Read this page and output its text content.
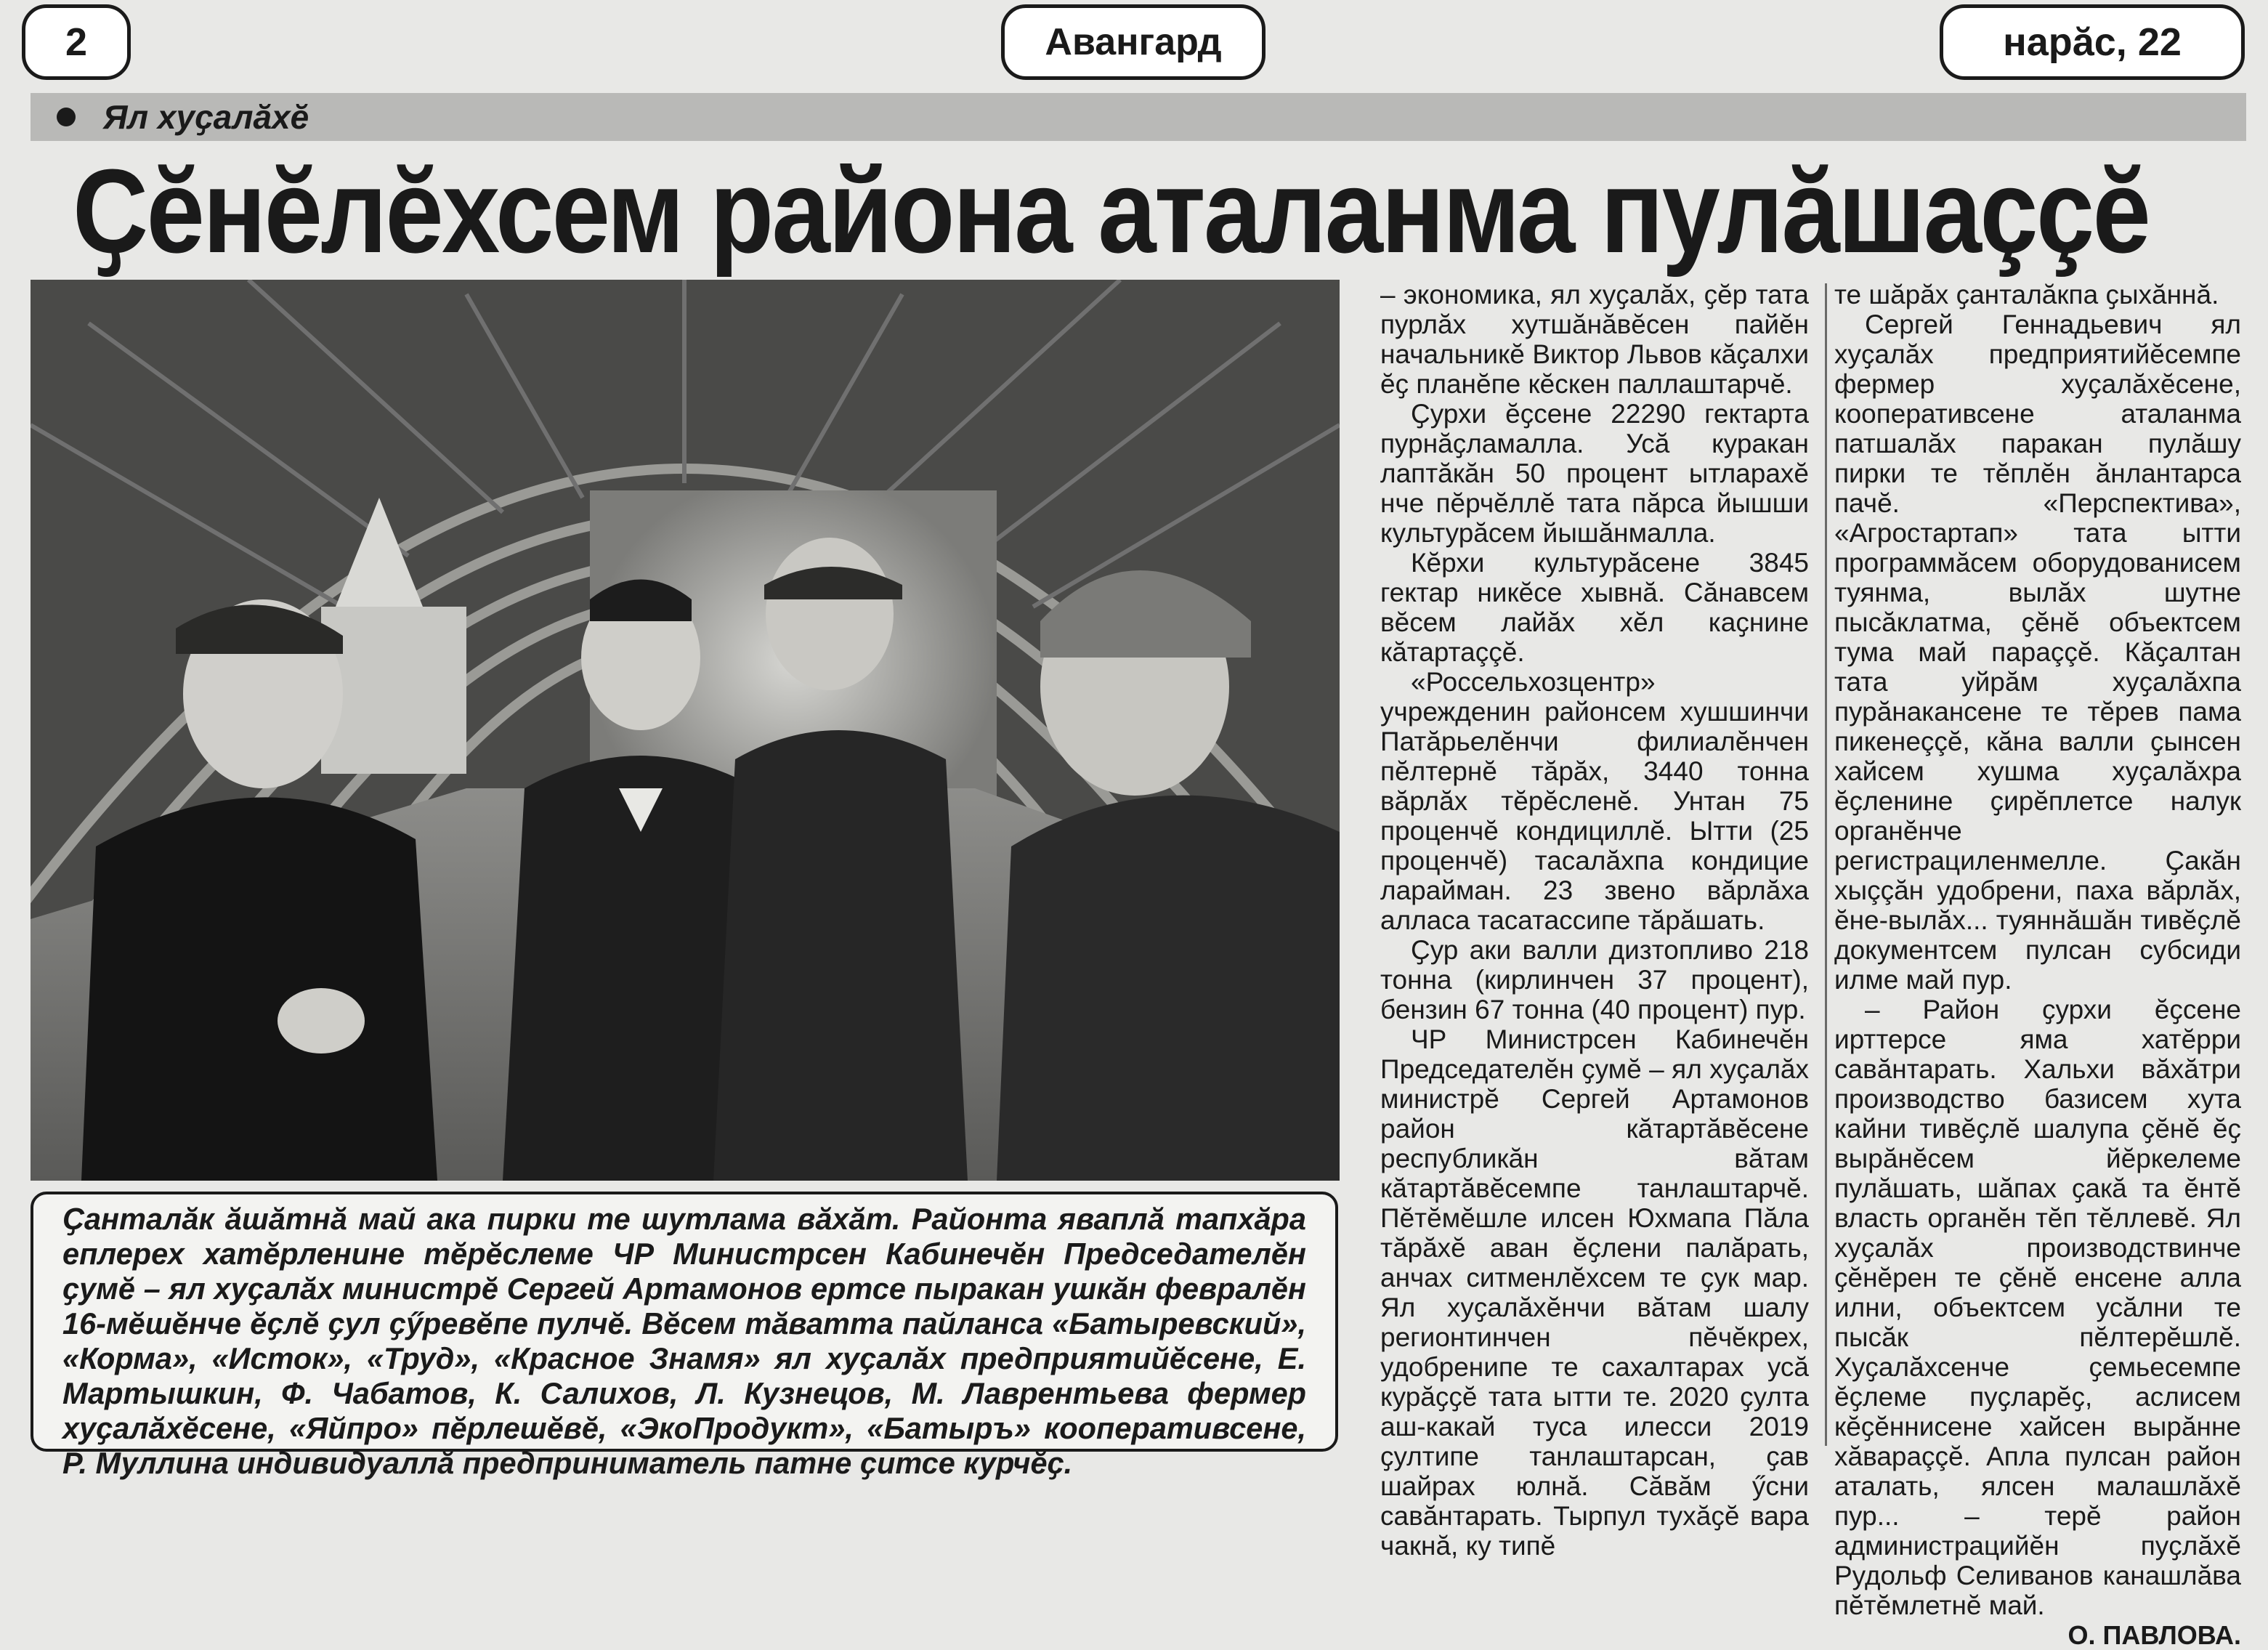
2	Авангард	нарӑс, 22
Ял хуҫалӑхӗ
Ҫӗнӗлӗхсем района аталанма пулӑшаççӗ

Ҫанталӑк ӑшӑтнӑ май ака пирки те шутлама вӑхӑт. Районта яваплӑ тапхӑра еплерех хатӗрленине тӗрӗслеме ЧР Министрсен Кабинечӗн Председателӗн ҫумӗ – ял хуҫалӑх министрӗ Сергей Артамонов ертсе пыракан ушкӑн февралӗн 16-мӗшӗнче ӗҫлӗ ҫул ҫӳревӗпе пулчӗ. Вӗсем тӑватта пайланса «Батыревский», «Корма», «Исток», «Труд», «Красное Знамя» ял хуҫалӑх предприятийӗсене, Е. Мартышкин, Ф. Чабатов, К. Салихов, Л. Кузнецов, М. Лаврентьева фермер хуҫалӑхӗсене, «Яйпро» пӗрлешӗвӗ, «ЭкоПродукт», «Батыръ» кооперативсене, Р. Муллина индивидуаллӑ предприниматель патне ҫитсе курчӗҫ.

– экономика, ял хуҫалӑх, ҫӗр тата пурлӑх хутшӑнӑвӗсен пайӗн начальникӗ Виктор Львов кӑҫалхи ӗҫ планӗпе кӗскен паллаштарчӗ.

Ҫурхи ӗҫсене 22290 гектарта пурнӑҫламалла. Усӑ куракан лаптӑкӑн 50 процент ытларахӗ нче пӗрчӗллӗ тата пӑрса йышши культурӑсем йышӑнмалла.

Кӗрхи культурӑсене 3845 гектар никӗсе хывнӑ. Сӑнавсем вӗсем лайӑх хӗл каҫнине кӑтартаççӗ.

«Россельхозцентр» учрежденин районсем хушшинчи Патӑрьелӗнчи филиалӗнчен пӗлтернӗ тӑрӑх, 3440 тонна вӑрлӑх тӗрӗсленӗ. Унтан 75 проценчӗ кондициллӗ. Ытти (25 проценчӗ) тасалӑхпа кондицие ларайман. 23 звено вӑрлӑха алласа тасатассипе тӑрӑшать.

Ҫур аки валли дизтопливо 218 тонна (кирлинчен 37 процент), бензин 67 тонна (40 процент) пур.

ЧР Министрсен Кабинечӗн Председателӗн ҫумӗ – ял хуҫалӑх министрӗ Сергей Артамонов район кӑтартӑвӗсене республикӑн вӑтам кӑтартӑвӗсемпе танлаштарчӗ. Пӗтӗмӗшле илсен Юхмапа Пӑла тӑрӑхӗ аван ӗҫлени палӑрать, анчах ситменлӗхсем те ҫук мар. Ял хуҫалӑхӗнчи вӑтам шалу регионтинчен пӗчӗкрех, удобренипе те сахалтарах усӑ курӑҫҫӗ тата ытти те. 2020 ҫулта аш-какай туса илесси 2019 ҫултипе танлаштарсан, ҫав шайрах юлнӑ. Сӑвӑм ӳсни савӑнтарать. Тырпул тухӑҫӗ вара чакнӑ, ку типӗ

те шӑрӑх ҫанталӑкпа ҫыхӑннӑ.

Сергей Геннадьевич ял хуҫалӑх предприятийӗсемпе фермер хуҫалӑхӗсене, кооперативсене аталанма патшалӑх паракан пулӑшу пирки те тӗплӗн ӑнлантарса пачӗ. «Перспектива», «Агростартап» тата ытти программӑсем оборудованисем туянма, вылӑх шутне пысӑклатма, ҫӗнӗ объектсем тума май параççӗ. Кӑҫалтан тата уйрӑм хуҫалӑхпа пурӑнакансене те тӗрев пама пикенеççӗ, кӑна валли ҫынсен хайсем хушма хуҫалӑхра ӗҫленине ҫирӗплетсе налук органӗнче регистрациленмелле. Ҫакӑн хыççӑн удобрени, паха вӑрлӑх, ӗне-вылӑх... туяннӑшӑн тивӗҫлӗ документсем пулсан субсиди илме май пур.

– Район ҫурхи ӗҫсене ирттерсе яма хатӗрри савӑнтарать. Хальхи вӑхӑтри производство базисем хута кайни тивӗҫлӗ шалупа ҫӗнӗ ӗҫ вырӑнӗсем йӗркелеме пулӑшать, шӑпах ҫакӑ та ӗнтӗ власть органӗн тӗп тӗллевӗ. Ял хуҫалӑх производствинче ҫӗнӗрен те ҫӗнӗ енсене алла илни, объектсем усӑлни те пысӑк пӗлтерӗшлӗ. Хуҫалӑхсенче ҫемьесемпе ӗҫлеме пуҫларӗҫ, аслисем кӗҫӗннисене хайсен вырӑнне хӑвараççӗ. Апла пулсан район аталать, ялсен малашлӑхӗ пур... – терӗ район администрацийӗн пуҫлӑхӗ Рудольф Селиванов канашлӑва пӗтӗмлетнӗ май.

О. ПАВЛОВА.
